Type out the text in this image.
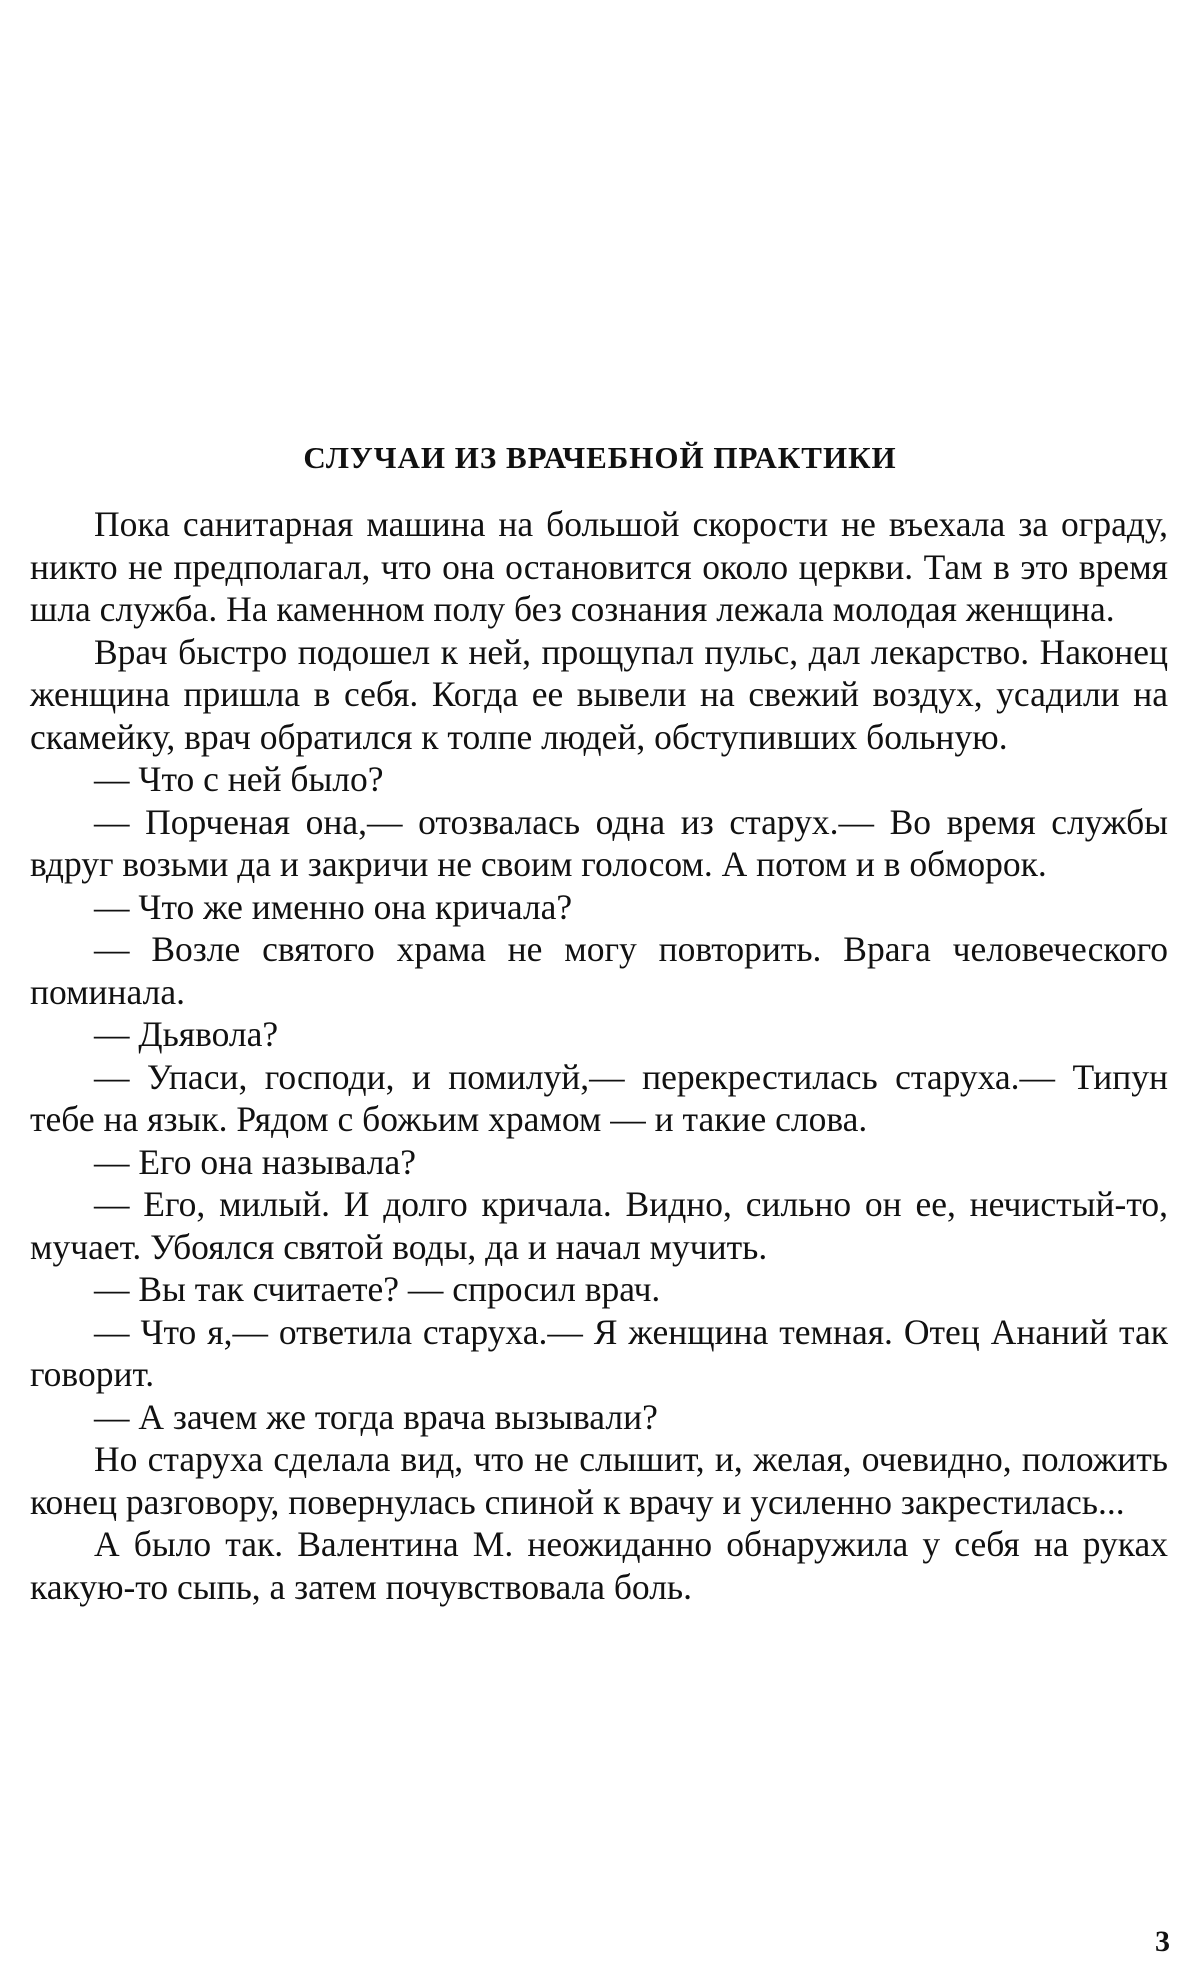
СЛУЧАИ ИЗ ВРАЧЕБНОЙ ПРАКТИКИ

Пока санитарная машина на большой скорости не въехала за ограду, никто не предполагал, что она остановится около церкви. Там в это время шла служба. На каменном полу без сознания лежала молодая женщина.

Врач быстро подошел к ней, прощупал пульс, дал лекарство. Наконец женщина пришла в себя. Когда ее вывели на свежий воздух, усадили на скамейку, врач обратился к толпе людей, обступивших больную.

— Что с ней было?

— Порченая она,— отозвалась одна из старух.— Во время службы вдруг возьми да и закричи не своим голосом. А потом и в обморок.

— Что же именно она кричала?

— Возле святого храма не могу повторить. Врага человеческого поминала.

— Дьявола?

— Упаси, господи, и помилуй,— перекрестилась старуха.— Типун тебе на язык. Рядом с божьим храмом — и такие слова.

— Его она называла?

— Его, милый. И долго кричала. Видно, сильно он ее, нечистый-то, мучает. Убоялся святой воды, да и начал мучить.

— Вы так считаете? — спросил врач.

— Что я,— ответила старуха.— Я женщина темная. Отец Ананий так говорит.

— А зачем же тогда врача вызывали?

Но старуха сделала вид, что не слышит, и, желая, очевидно, положить конец разговору, повернулась спиной к врачу и усиленно закрестилась...

А было так. Валентина М. неожиданно обнаружила у себя на руках какую-то сыпь, а затем почувствовала боль.

3
